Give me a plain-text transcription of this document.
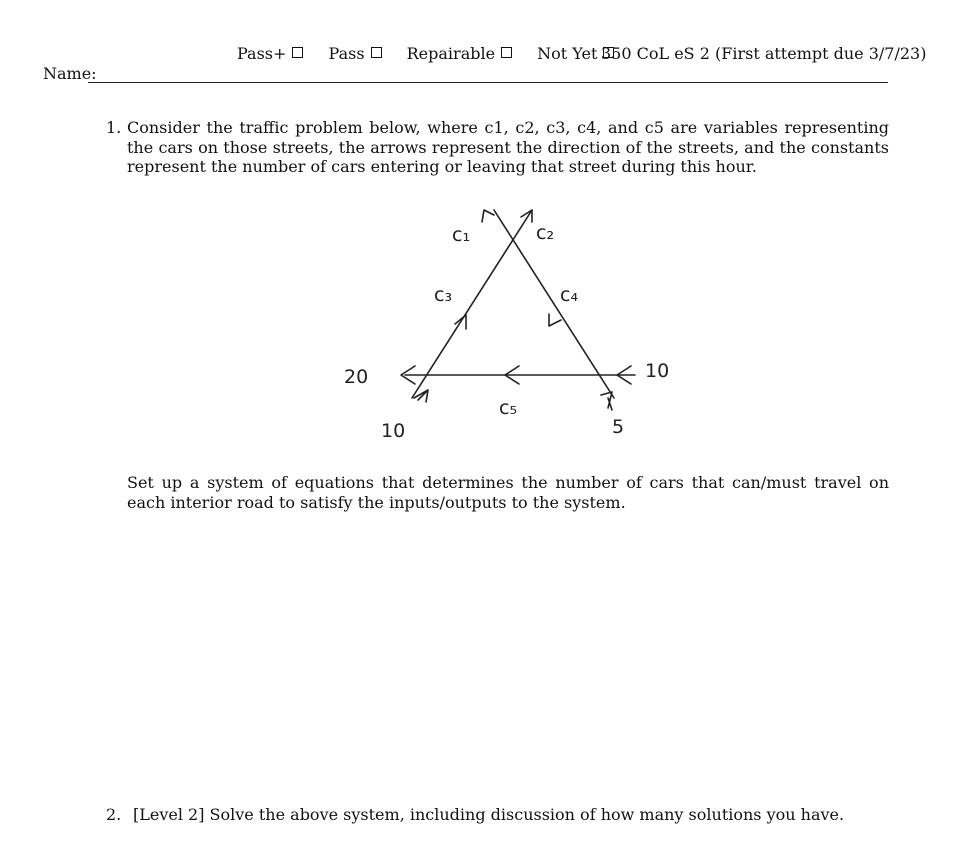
Pass+	Pass	Repairable	Not Yet 350 CoL eS 2 (First attempt due 3/7/23)
Name:
1. Consider the traffic problem below, where c1, c2, c3, c4, and c5 are variables representing the cars on those streets, the arrows represent the direction of the streets, and the constants represent the number of cars entering or leaving that street during this hour.
c₁	c₂
c₃	c₄
c₅
20
10
10
5
Set up a system of equations that determines the number of cars that can/must travel on each interior road to satisfy the inputs/outputs to the system.
2. [Level 2] Solve the above system, including discussion of how many solutions you have.
